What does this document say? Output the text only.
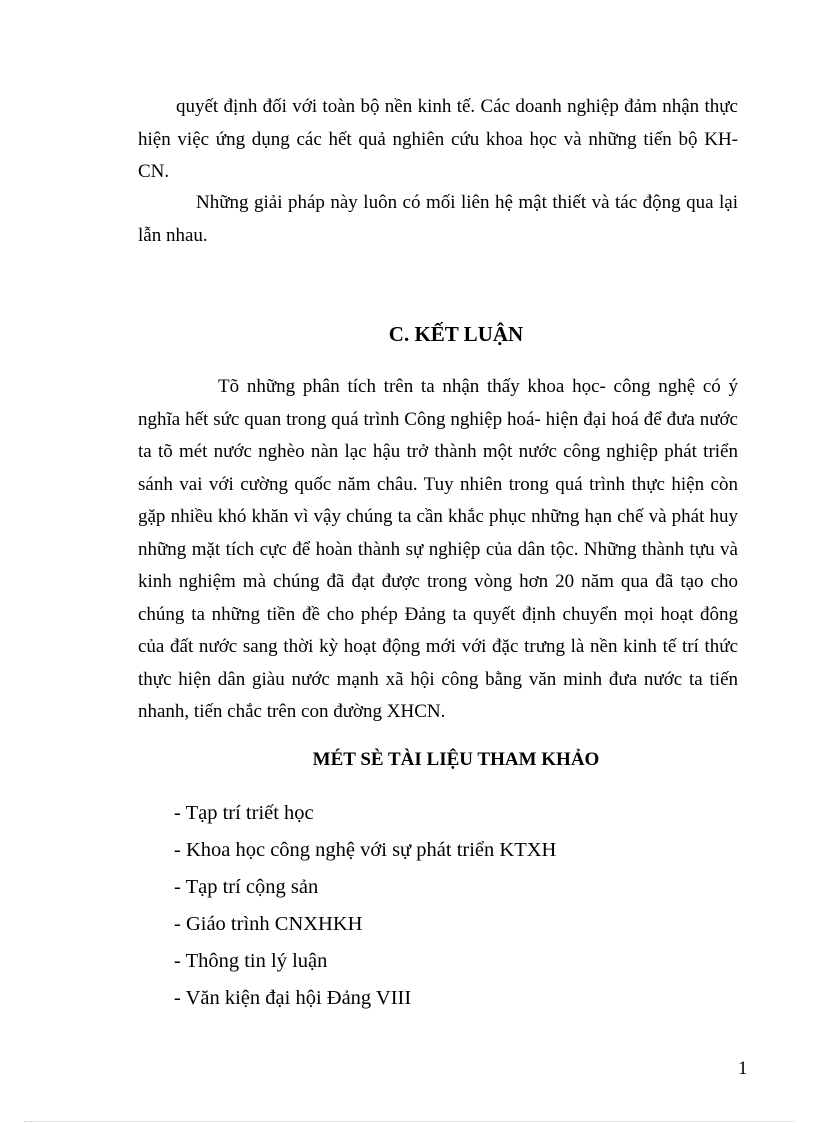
quyết định đối với toàn bộ nền kinh tế. Các doanh nghiệp đảm nhận thực hiện việc ứng dụng các hết quả nghiên cứu khoa học và những tiến bộ KH-CN.

Những giải pháp này luôn có mối liên hệ mật thiết và tác động qua lại lẫn nhau.

C. KẾT LUẬN

Tõ những phân tích trên ta nhận thấy khoa học- công nghệ có ý nghĩa hết sức quan trong quá trình Công nghiệp hoá- hiện đại hoá để đưa nước ta tõ mét nước nghèo nàn lạc hậu trở thành một nước công nghiệp phát triển sánh vai với cường quốc năm châu. Tuy nhiên trong quá trình thực hiện còn gặp nhiều khó khăn vì vậy chúng ta cần khắc phục những hạn chế và phát huy những mặt tích cực để hoàn thành sự nghiệp của dân tộc. Những thành tựu và kinh nghiệm mà chúng đã đạt được trong vòng hơn 20 năm qua đã tạo cho chúng ta những tiền đề cho phép Đảng ta quyết định chuyển mọi hoạt đông của đất nước sang thời kỳ hoạt động mới với đặc trưng là nền kinh tế trí thức thực hiện dân giàu nước mạnh xã hội công bằng văn minh đưa nước ta tiến nhanh, tiến chắc trên con đường XHCN.

MÉT SÈ TÀI LIỆU THAM KHẢO
- Tạp trí triết học
- Khoa học công nghệ với sự phát triển KTXH
- Tạp trí cộng sản
- Giáo trình CNXHKH
- Thông tin lý luận
- Văn kiện đại hội Đảng VIII
1
